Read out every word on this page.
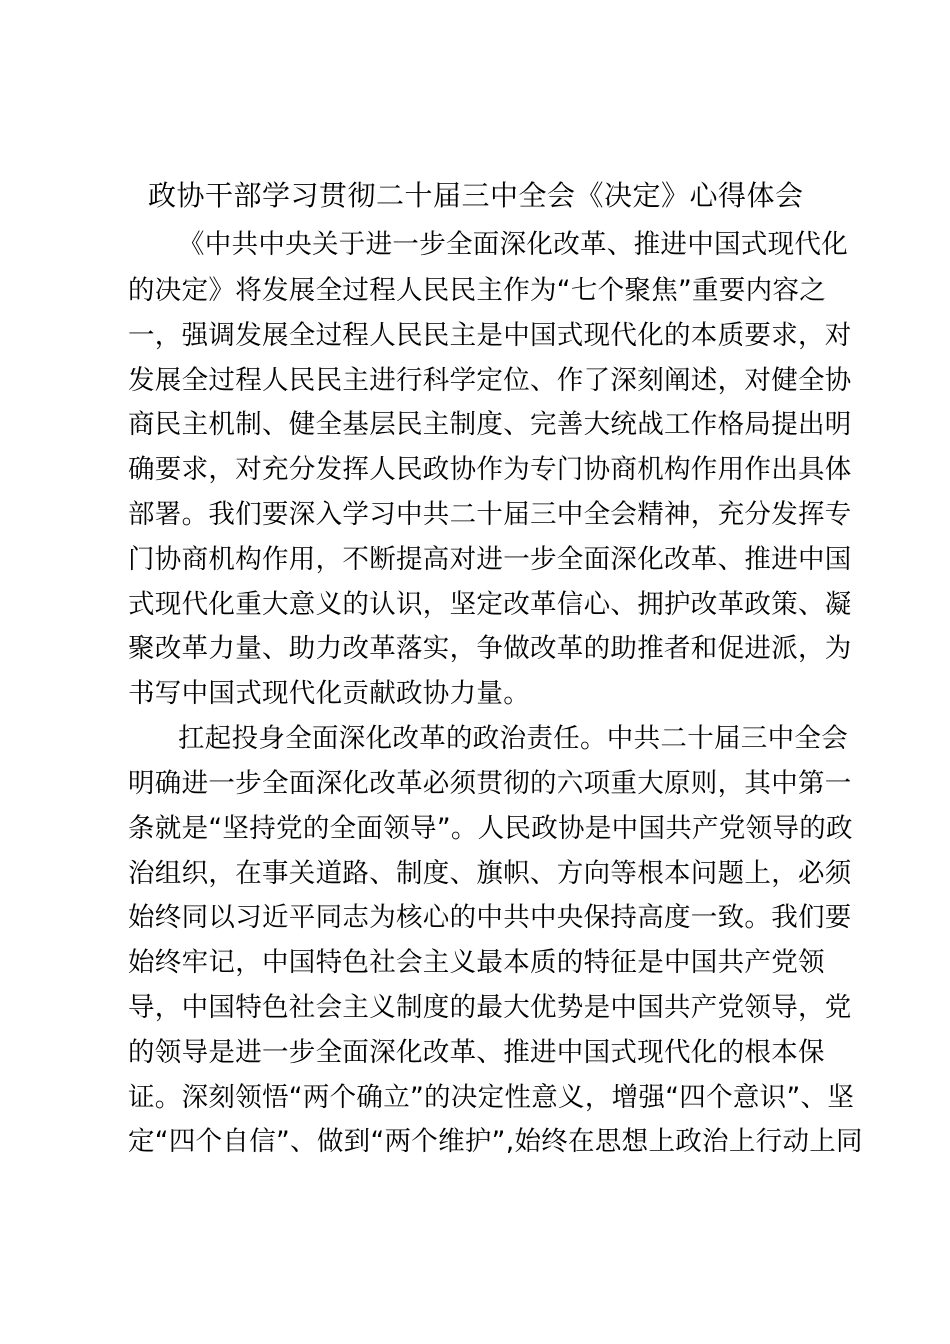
政协干部学习贯彻二十届三中全会《决定》心得体会
《中共中央关于进一步全面深化改革、推进中国式现代化
的决定》将发展全过程人民民主作为“七个聚焦”重要内容之
一，强调发展全过程人民民主是中国式现代化的本质要求，对
发展全过程人民民主进行科学定位、作了深刻阐述，对健全协
商民主机制、健全基层民主制度、完善大统战工作格局提出明
确要求，对充分发挥人民政协作为专门协商机构作用作出具体
部署。我们要深入学习中共二十届三中全会精神，充分发挥专
门协商机构作用，不断提高对进一步全面深化改革、推进中国
式现代化重大意义的认识，坚定改革信心、拥护改革政策、凝
聚改革力量、助力改革落实，争做改革的助推者和促进派，为
书写中国式现代化贡献政协力量。
扛起投身全面深化改革的政治责任。中共二十届三中全会
明确进一步全面深化改革必须贯彻的六项重大原则，其中第一
条就是“坚持党的全面领导”。人民政协是中国共产党领导的政
治组织，在事关道路、制度、旗帜、方向等根本问题上，必须
始终同以习近平同志为核心的中共中央保持高度一致。我们要
始终牢记，中国特色社会主义最本质的特征是中国共产党领
导，中国特色社会主义制度的最大优势是中国共产党领导，党
的领导是进一步全面深化改革、推进中国式现代化的根本保
证。深刻领悟“两个确立”的决定性意义，增强“四个意识”、坚
定“四个自信”、做到“两个维护”,始终在思想上政治上行动上同
